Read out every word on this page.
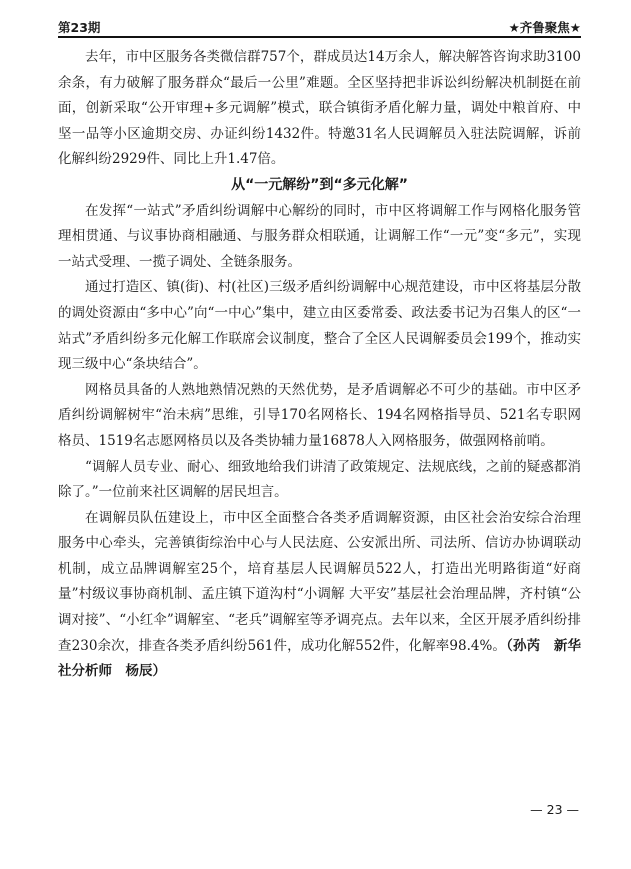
第23期	★齐鲁聚焦★

去年，市中区服务各类微信群757个，群成员达14万余人，解决解答咨询求助3100余条，有力破解了服务群众“最后一公里”难题。全区坚持把非诉讼纠纷解决机制挺在前面，创新采取“公开审理+多元调解”模式，联合镇街矛盾化解力量，调处中粮首府、中坚一品等小区逾期交房、办证纠纷1432件。特邀31名人民调解员入驻法院调解，诉前化解纠纷2929件、同比上升1.47倍。

从“一元解纷”到“多元化解”

在发挥“一站式”矛盾纠纷调解中心解纷的同时，市中区将调解工作与网格化服务管理相贯通、与议事协商相融通、与服务群众相联通，让调解工作“一元”变“多元”，实现一站式受理、一揽子调处、全链条服务。

通过打造区、镇(街)、村(社区)三级矛盾纠纷调解中心规范建设，市中区将基层分散的调处资源由“多中心”向“一中心”集中，建立由区委常委、政法委书记为召集人的区“一站式”矛盾纠纷多元化解工作联席会议制度，整合了全区人民调解委员会199个，推动实现三级中心“条块结合”。

网格员具备的人熟地熟情况熟的天然优势，是矛盾调解必不可少的基础。市中区矛盾纠纷调解树牢“治未病”思维，引导170名网格长、194名网格指导员、521名专职网格员、1519名志愿网格员以及各类协辅力量16878人入网格服务，做强网格前哨。

“调解人员专业、耐心、细致地给我们讲清了政策规定、法规底线，之前的疑惑都消除了。”一位前来社区调解的居民坦言。

在调解员队伍建设上，市中区全面整合各类矛盾调解资源，由区社会治安综合治理服务中心牵头，完善镇街综治中心与人民法庭、公安派出所、司法所、信访办协调联动机制，成立品牌调解室25个，培育基层人民调解员522人，打造出光明路街道“好商量”村级议事协商机制、孟庄镇下道沟村“小调解 大平安”基层社会治理品牌，齐村镇“公调对接”、“小红伞”调解室、“老兵”调解室等矛调亮点。去年以来，全区开展矛盾纠纷排查230余次，排查各类矛盾纠纷561件，成功化解552件，化解率98.4%。（孙芮　新华社分析师　杨辰）

— 23 —
